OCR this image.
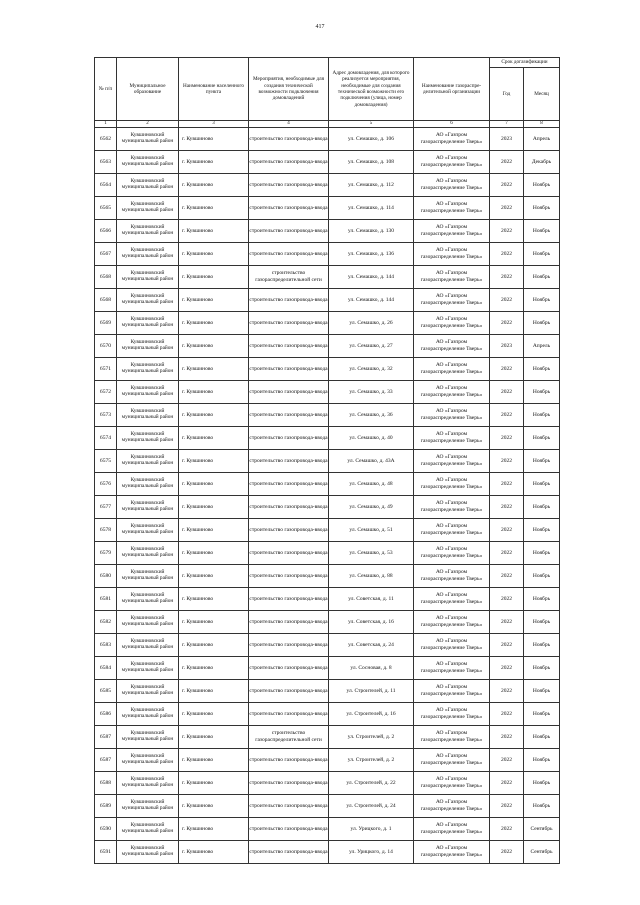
417
№ п/п	Муниципальное образование	Наименование населенного пункта	Мероприятия, необходимые для создания технической возможности подключения домовладений	Адрес домовладения, для которого реализуется мероприятия, необходимые для создания технической возможности его подключения (улица, номер домовладения)	Наименование газораспре-делительной организации	Срок догазификации	
						Год	Месяц
1	2	3	4	5	6	7	8
6562	Кувшиновский муниципальный район	г. Кувшиново	строительство газопровода-ввода	ул. Семашко, д. 106	АО «Газпром газораспределение Тверь»	2023	Апрель
6563	Кувшиновский муниципальный район	г. Кувшиново	строительство газопровода-ввода	ул. Семашко, д. 108	АО «Газпром газораспределение Тверь»	2022	Декабрь
6564	Кувшиновский муниципальный район	г. Кувшиново	строительство газопровода-ввода	ул. Семашко, д. 112	АО «Газпром газораспределение Тверь»	2022	Ноябрь
6565	Кувшиновский муниципальный район	г. Кувшиново	строительство газопровода-ввода	ул. Семашко, д. 114	АО «Газпром газораспределение Тверь»	2022	Ноябрь
6566	Кувшиновский муниципальный район	г. Кувшиново	строительство газопровода-ввода	ул. Семашко, д. 130	АО «Газпром газораспределение Тверь»	2022	Ноябрь
6567	Кувшиновский муниципальный район	г. Кувшиново	строительство газопровода-ввода	ул. Семашко, д. 136	АО «Газпром газораспределение Тверь»	2022	Ноябрь
6568	Кувшиновский муниципальный район	г. Кувшиново	строительство газораспределительной сети	ул. Семашко, д. 144	АО «Газпром газораспределение Тверь»	2022	Ноябрь
6568	Кувшиновский муниципальный район	г. Кувшиново	строительство газопровода-ввода	ул. Семашко, д. 144	АО «Газпром газораспределение Тверь»	2022	Ноябрь
6569	Кувшиновский муниципальный район	г. Кувшиново	строительство газопровода-ввода	ул. Семашко, д. 26	АО «Газпром газораспределение Тверь»	2022	Ноябрь
6570	Кувшиновский муниципальный район	г. Кувшиново	строительство газопровода-ввода	ул. Семашко, д. 27	АО «Газпром газораспределение Тверь»	2023	Апрель
6571	Кувшиновский муниципальный район	г. Кувшиново	строительство газопровода-ввода	ул. Семашко, д. 32	АО «Газпром газораспределение Тверь»	2022	Ноябрь
6572	Кувшиновский муниципальный район	г. Кувшиново	строительство газопровода-ввода	ул. Семашко, д. 33	АО «Газпром газораспределение Тверь»	2022	Ноябрь
6573	Кувшиновский муниципальный район	г. Кувшиново	строительство газопровода-ввода	ул. Семашко, д. 36	АО «Газпром газораспределение Тверь»	2022	Ноябрь
6574	Кувшиновский муниципальный район	г. Кувшиново	строительство газопровода-ввода	ул. Семашко, д. 40	АО «Газпром газораспределение Тверь»	2022	Ноябрь
6575	Кувшиновский муниципальный район	г. Кувшиново	строительство газопровода-ввода	ул. Семашко, д. 43А	АО «Газпром газораспределение Тверь»	2022	Ноябрь
6576	Кувшиновский муниципальный район	г. Кувшиново	строительство газопровода-ввода	ул. Семашко, д. 48	АО «Газпром газораспределение Тверь»	2022	Ноябрь
6577	Кувшиновский муниципальный район	г. Кувшиново	строительство газопровода-ввода	ул. Семашко, д. 49	АО «Газпром газораспределение Тверь»	2022	Ноябрь
6578	Кувшиновский муниципальный район	г. Кувшиново	строительство газопровода-ввода	ул. Семашко, д. 51	АО «Газпром газораспределение Тверь»	2022	Ноябрь
6579	Кувшиновский муниципальный район	г. Кувшиново	строительство газопровода-ввода	ул. Семашко, д. 53	АО «Газпром газораспределение Тверь»	2022	Ноябрь
6580	Кувшиновский муниципальный район	г. Кувшиново	строительство газопровода-ввода	ул. Семашко, д. 88	АО «Газпром газораспределение Тверь»	2022	Ноябрь
6581	Кувшиновский муниципальный район	г. Кувшиново	строительство газопровода-ввода	ул. Советская, д. 11	АО «Газпром газораспределение Тверь»	2022	Ноябрь
6582	Кувшиновский муниципальный район	г. Кувшиново	строительство газопровода-ввода	ул. Советская, д. 16	АО «Газпром газораспределение Тверь»	2022	Ноябрь
6583	Кувшиновский муниципальный район	г. Кувшиново	строительство газопровода-ввода	ул. Советская, д. 24	АО «Газпром газораспределение Тверь»	2022	Ноябрь
6584	Кувшиновский муниципальный район	г. Кувшиново	строительство газопровода-ввода	ул. Сосновая, д. 8	АО «Газпром газораспределение Тверь»	2022	Ноябрь
6585	Кувшиновский муниципальный район	г. Кувшиново	строительство газопровода-ввода	ул. Строителей, д. 11	АО «Газпром газораспределение Тверь»	2022	Ноябрь
6586	Кувшиновский муниципальный район	г. Кувшиново	строительство газопровода-ввода	ул. Строителей, д. 16	АО «Газпром газораспределение Тверь»	2022	Ноябрь
6587	Кувшиновский муниципальный район	г. Кувшиново	строительство газораспределительной сети	ул. Строителей, д. 2	АО «Газпром газораспределение Тверь»	2022	Ноябрь
6587	Кувшиновский муниципальный район	г. Кувшиново	строительство газопровода-ввода	ул. Строителей, д. 2	АО «Газпром газораспределение Тверь»	2022	Ноябрь
6588	Кувшиновский муниципальный район	г. Кувшиново	строительство газопровода-ввода	ул. Строителей, д. 22	АО «Газпром газораспределение Тверь»	2022	Ноябрь
6589	Кувшиновский муниципальный район	г. Кувшиново	строительство газопровода-ввода	ул. Строителей, д. 24	АО «Газпром газораспределение Тверь»	2022	Ноябрь
6590	Кувшиновский муниципальный район	г. Кувшиново	строительство газопровода-ввода	ул. Урицкого, д. 1	АО «Газпром газораспределение Тверь»	2022	Сентябрь
6591	Кувшиновский муниципальный район	г. Кувшиново	строительство газопровода-ввода	ул. Урицкого, д. 14	АО «Газпром газораспределение Тверь»	2022	Сентябрь
